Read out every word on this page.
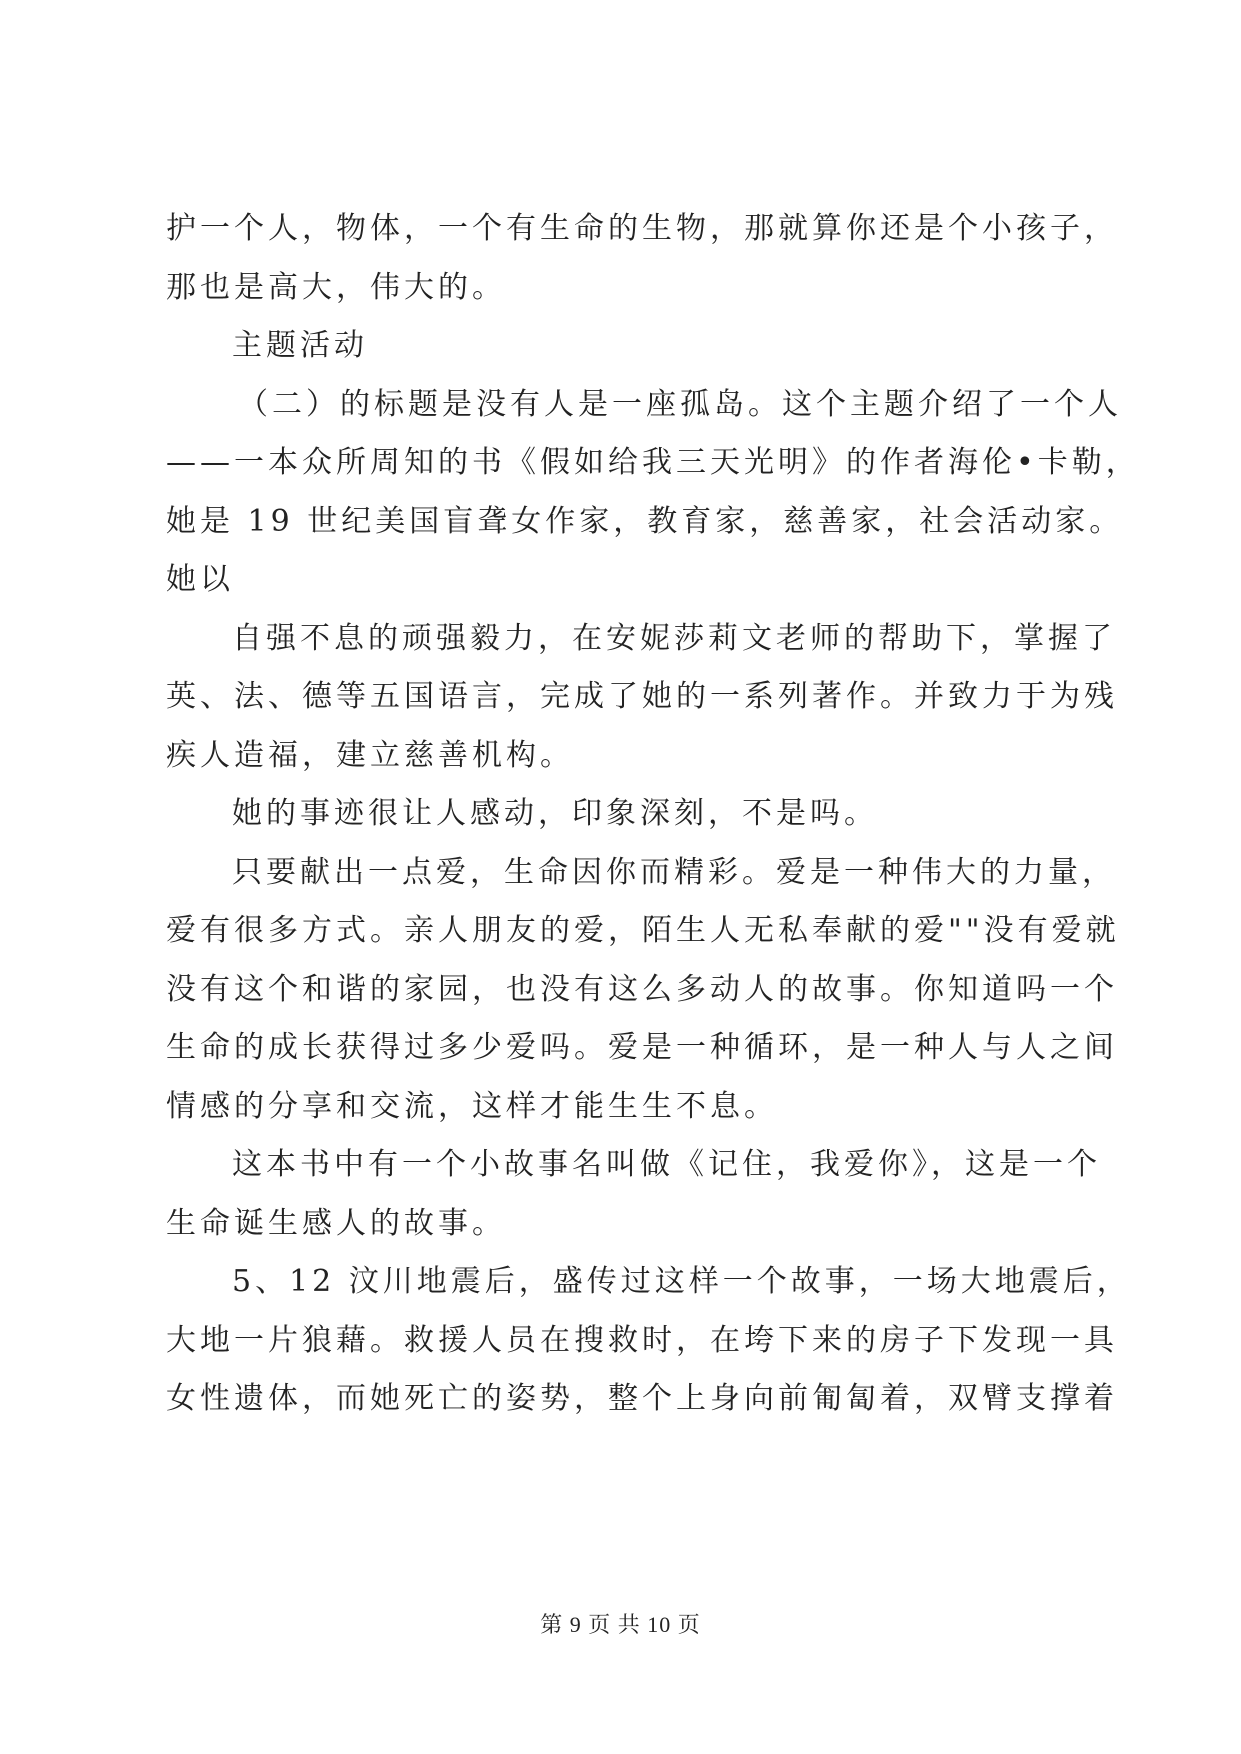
护一个人，物体，一个有生命的生物，那就算你还是个小孩子，
那也是高大，伟大的。
主题活动
（二）的标题是没有人是一座孤岛。这个主题介绍了一个人
——一本众所周知的书《假如给我三天光明》的作者海伦•卡勒，
她是 19 世纪美国盲聋女作家，教育家，慈善家，社会活动家。
她以
自强不息的顽强毅力，在安妮莎莉文老师的帮助下，掌握了
英、法、德等五国语言，完成了她的一系列著作。并致力于为残
疾人造福，建立慈善机构。
她的事迹很让人感动，印象深刻，不是吗。
只要献出一点爱，生命因你而精彩。爱是一种伟大的力量，
爱有很多方式。亲人朋友的爱，陌生人无私奉献的爱""没有爱就
没有这个和谐的家园，也没有这么多动人的故事。你知道吗一个
生命的成长获得过多少爱吗。爱是一种循环，是一种人与人之间
情感的分享和交流，这样才能生生不息。
这本书中有一个小故事名叫做《记住，我爱你》，这是一个
生命诞生感人的故事。
5、12 汶川地震后，盛传过这样一个故事，一场大地震后，
大地一片狼藉。救援人员在搜救时，在垮下来的房子下发现一具
女性遗体，而她死亡的姿势，整个上身向前匍匐着，双臂支撑着
第 9 页 共 10 页
